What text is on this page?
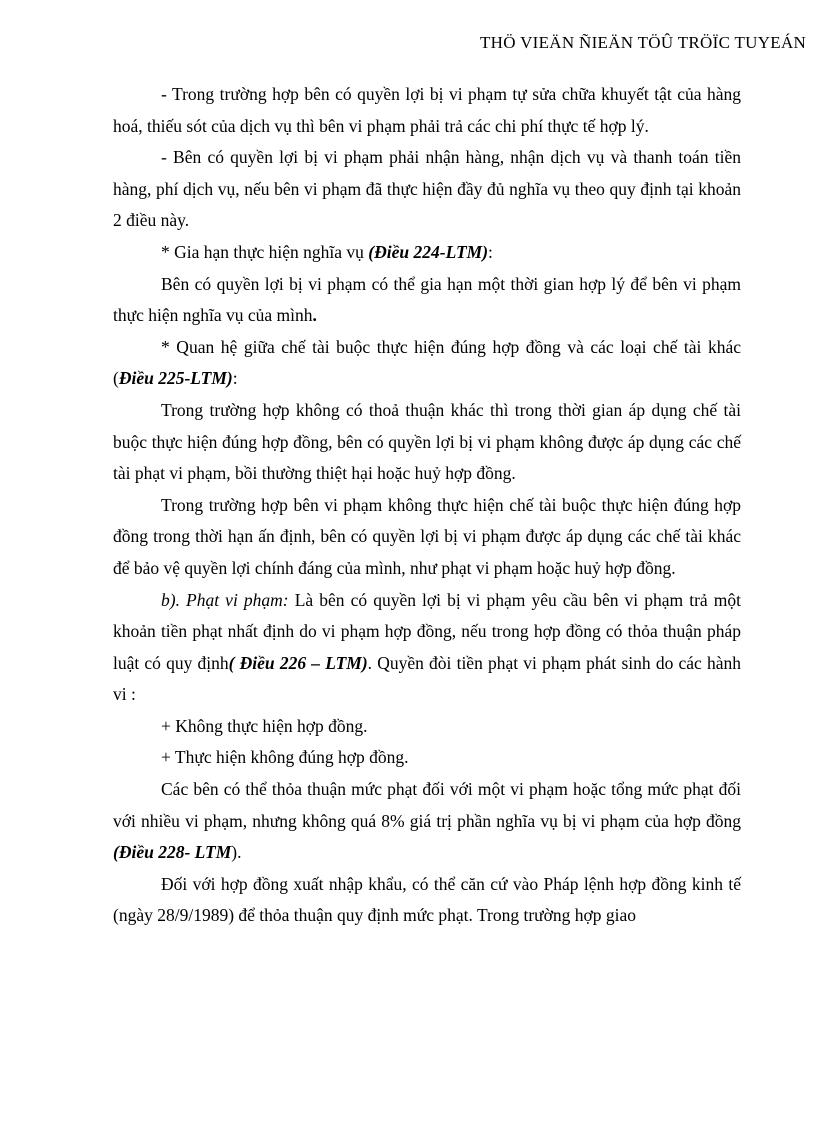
THÖ VIEÄN ÑIEÄN TÖÛ TRÖÏC TUYEÁN

- Trong trường hợp bên có quyền lợi bị vi phạm tự sửa chữa khuyết tật của hàng hoá, thiếu sót của dịch vụ thì bên vi phạm phải trả các chi phí thực tế hợp lý.

- Bên có quyền lợi bị vi phạm phải nhận hàng, nhận dịch vụ và thanh toán tiền hàng, phí dịch vụ, nếu bên vi phạm đã thực hiện đầy đủ nghĩa vụ theo quy định tại khoản 2 điều này.

* Gia hạn thực hiện nghĩa vụ (Điều 224-LTM):

Bên có quyền lợi bị vi phạm có thể gia hạn một thời gian hợp lý để bên vi phạm thực hiện nghĩa vụ của mình.

* Quan hệ giữa chế tài buộc thực hiện đúng hợp đồng và các loại chế tài khác (Điều 225-LTM):

Trong trường hợp không có thoả thuận khác thì trong thời gian áp dụng chế tài buộc thực hiện đúng hợp đồng, bên có quyền lợi bị vi phạm không được áp dụng các chế tài phạt vi phạm, bồi thường thiệt hại hoặc huỷ hợp đồng.

Trong trường hợp bên vi phạm không thực hiện chế tài buộc thực hiện đúng hợp đồng trong thời hạn ấn định, bên có quyền lợi bị vi phạm được áp dụng các chế tài khác để bảo vệ quyền lợi chính đáng của mình, như phạt vi phạm hoặc huỷ hợp đồng.

b). Phạt vi phạm: Là bên có quyền lợi bị vi phạm yêu cầu bên vi phạm trả một khoản tiền phạt nhất định do vi phạm hợp đồng, nếu trong hợp đồng có thỏa thuận pháp luật có quy định( Điều 226 – LTM). Quyền đòi tiền phạt vi phạm phát sinh do các hành vi :

+ Không thực hiện hợp đồng.

+ Thực hiện không đúng hợp đồng.

Các bên có thể thỏa thuận mức phạt đối với một vi phạm hoặc tổng mức phạt đối với nhiều vi phạm, nhưng không quá 8% giá trị phần nghĩa vụ bị vi phạm của hợp đồng (Điều 228- LTM).

Đối với hợp đồng xuất nhập khẩu, có thể căn cứ vào Pháp lệnh hợp đồng kinh tế (ngày 28/9/1989) để thỏa thuận quy định mức phạt. Trong trường hợp giao
